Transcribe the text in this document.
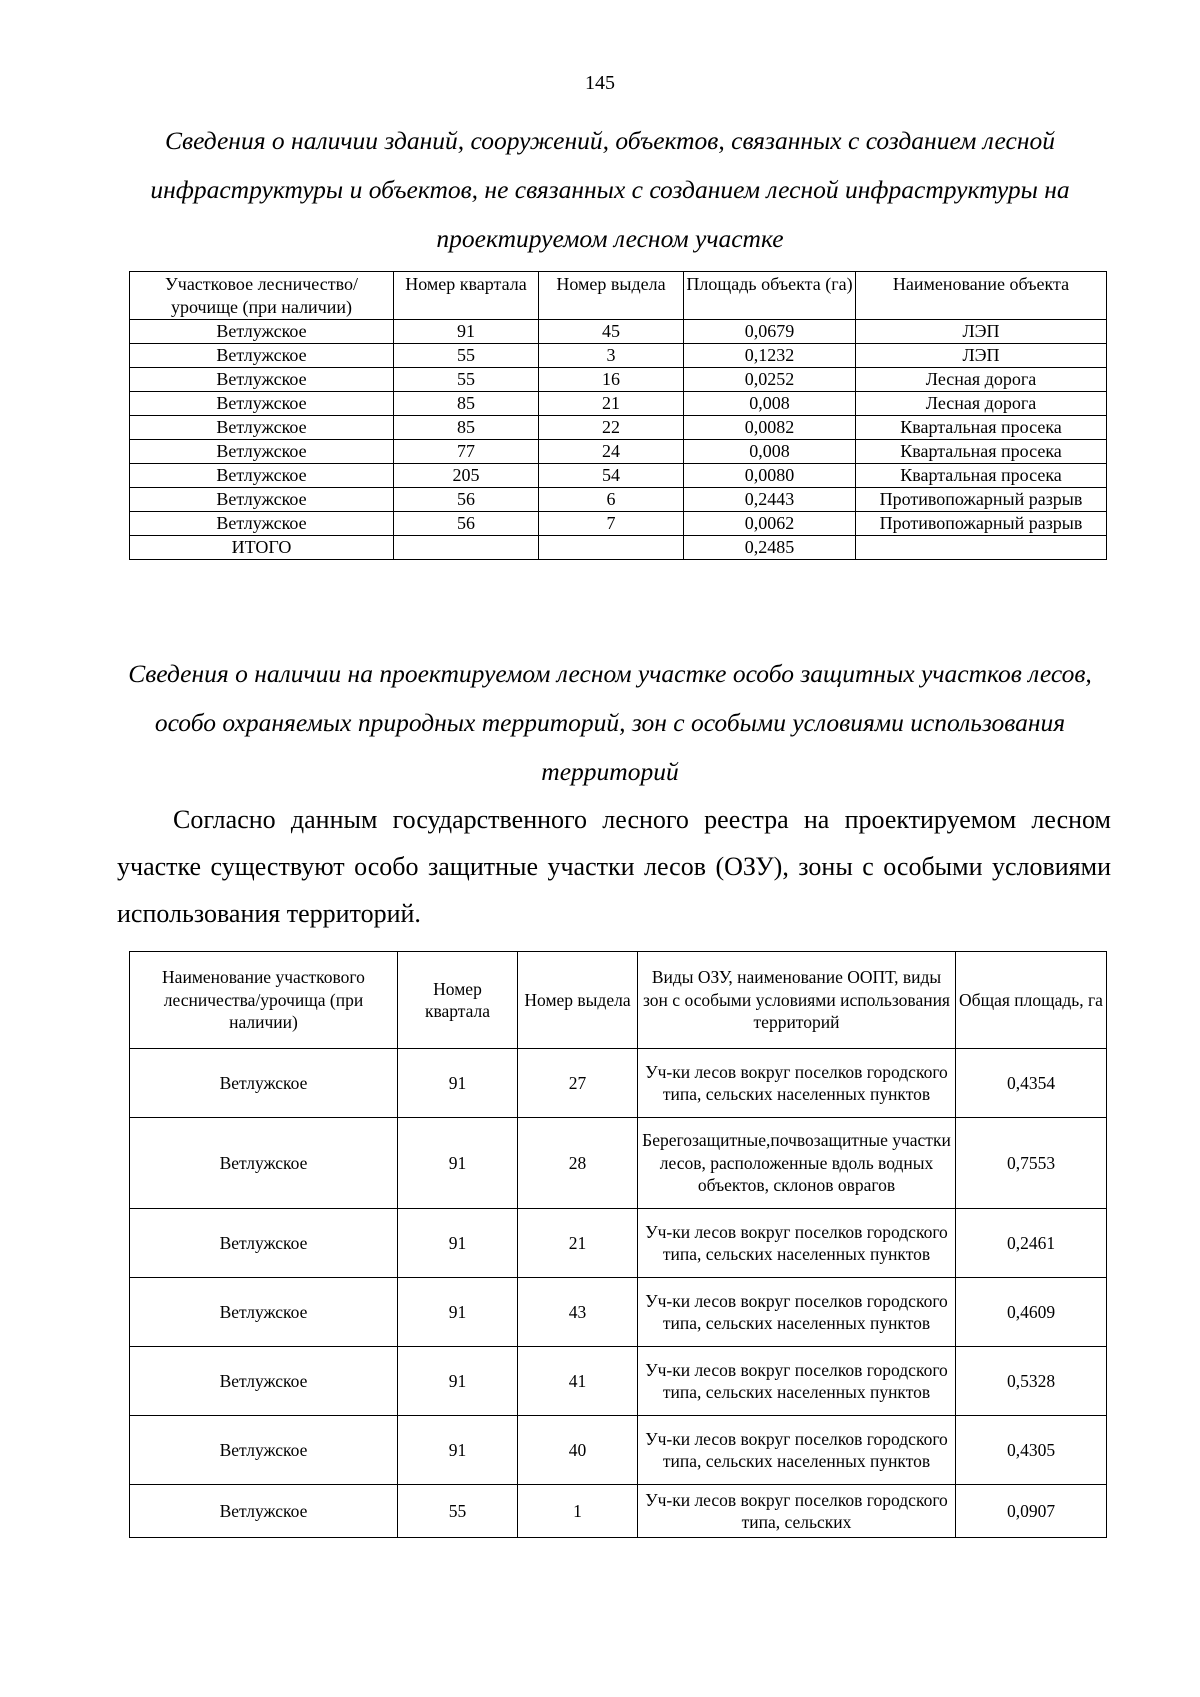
145
Сведения о наличии зданий, сооружений, объектов, связанных с созданием лесной инфраструктуры и объектов, не связанных с созданием лесной инфраструктуры на проектируемом лесном участке
Участковое лесничество/ урочище (при наличии)	Номер квартала	Номер выдела	Площадь объекта (га)	Наименование объекта
Ветлужское	91	45	0,0679	ЛЭП
Ветлужское	55	3	0,1232	ЛЭП
Ветлужское	55	16	0,0252	Лесная дорога
Ветлужское	85	21	0,008	Лесная дорога
Ветлужское	85	22	0,0082	Квартальная просека
Ветлужское	77	24	0,008	Квартальная просека
Ветлужское	205	54	0,0080	Квартальная просека
Ветлужское	56	6	0,2443	Противопожарный разрыв
Ветлужское	56	7	0,0062	Противопожарный разрыв
ИТОГО			0,2485	
Сведения о наличии на проектируемом лесном участке особо защитных участков лесов, особо охраняемых природных территорий, зон с особыми условиями использования территорий
Согласно данным государственного лесного реестра на проектируемом лесном участке существуют особо защитные участки лесов (ОЗУ), зоны с особыми условиями использования территорий.
Наименование участкового лесничества/урочища (при наличии)	Номер квартала	Номер выдела	Виды ОЗУ, наименование ООПТ, виды зон с особыми условиями использования территорий	Общая площадь, га
Ветлужское	91	27	Уч-ки лесов вокруг поселков городского типа, сельских населенных пунктов	0,4354
Ветлужское	91	28	Берегозащитные,почвозащитные участки лесов, расположенные вдоль водных объектов, склонов оврагов	0,7553
Ветлужское	91	21	Уч-ки лесов вокруг поселков городского типа, сельских населенных пунктов	0,2461
Ветлужское	91	43	Уч-ки лесов вокруг поселков городского типа, сельских населенных пунктов	0,4609
Ветлужское	91	41	Уч-ки лесов вокруг поселков городского типа, сельских населенных пунктов	0,5328
Ветлужское	91	40	Уч-ки лесов вокруг поселков городского типа, сельских населенных пунктов	0,4305
Ветлужское	55	1	Уч-ки лесов вокруг поселков городского типа, сельских	0,0907
